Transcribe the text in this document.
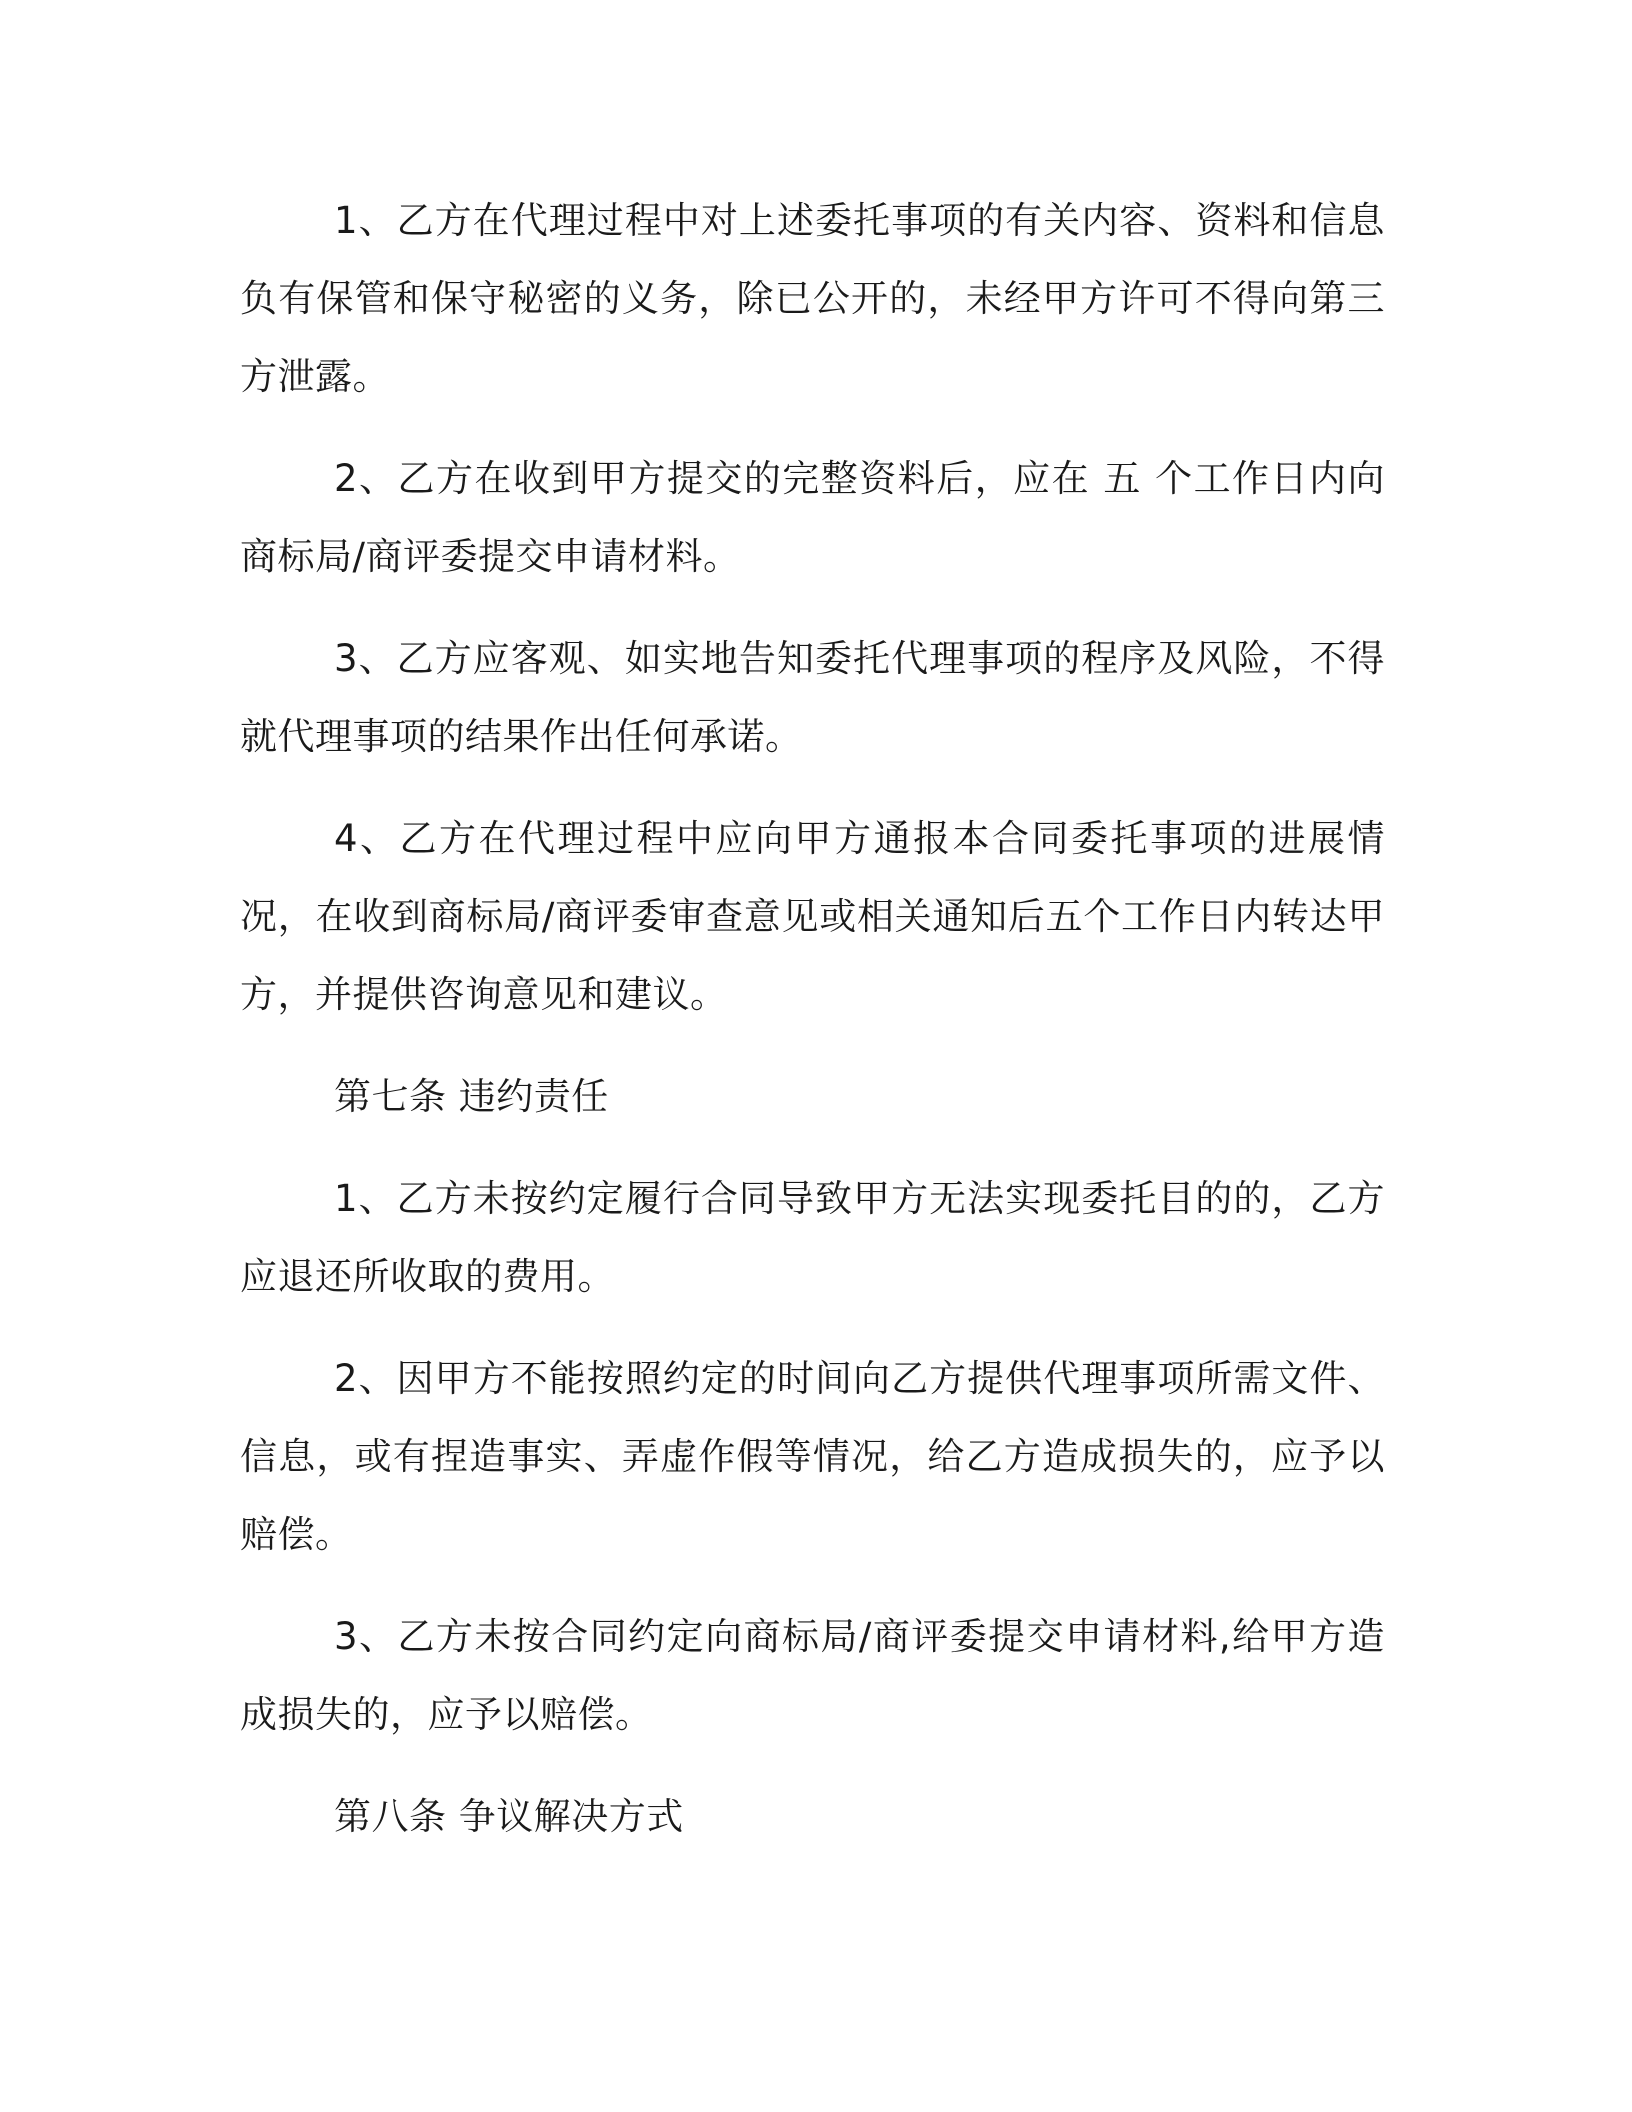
1、乙方在代理过程中对上述委托事项的有关内容、资料和信息负有保管和保守秘密的义务，除已公开的，未经甲方许可不得向第三方泄露。

2、乙方在收到甲方提交的完整资料后，应在 五 个工作日内向商标局/商评委提交申请材料。

3、乙方应客观、如实地告知委托代理事项的程序及风险，不得就代理事项的结果作出任何承诺。

4、乙方在代理过程中应向甲方通报本合同委托事项的进展情况，在收到商标局/商评委审查意见或相关通知后五个工作日内转达甲方，并提供咨询意见和建议。

第七条 违约责任

1、乙方未按约定履行合同导致甲方无法实现委托目的的，乙方应退还所收取的费用。

2、因甲方不能按照约定的时间向乙方提供代理事项所需文件、信息，或有捏造事实、弄虚作假等情况，给乙方造成损失的，应予以赔偿。

3、乙方未按合同约定向商标局/商评委提交申请材料,给甲方造成损失的，应予以赔偿。

第八条 争议解决方式
